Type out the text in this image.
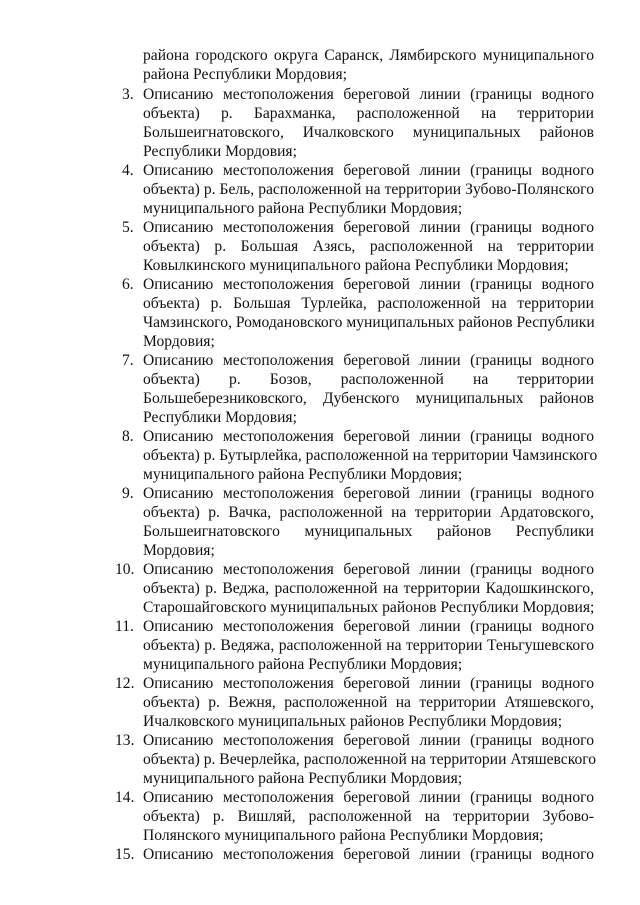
района городского округа Саранск, Лямбирского муниципального
района Республики Мордовия;
3. Описанию местоположения береговой линии (границы водного
объекта) р. Барахманка, расположенной на территории
Большеигнатовского, Ичалковского муниципальных районов
Республики Мордовия;
4. Описанию местоположения береговой линии (границы водного
объекта) р. Бель, расположенной на территории Зубово-Полянского
муниципального района Республики Мордовия;
5. Описанию местоположения береговой линии (границы водного
объекта) р. Большая Азясь, расположенной на территории
Ковылкинского муниципального района Республики Мордовия;
6. Описанию местоположения береговой линии (границы водного
объекта) р. Большая Турлейка, расположенной на территории
Чамзинского, Ромодановского муниципальных районов Республики
Мордовия;
7. Описанию местоположения береговой линии (границы водного
объекта) р. Бозов, расположенной на территории
Большеберезниковского, Дубенского муниципальных районов
Республики Мордовия;
8. Описанию местоположения береговой линии (границы водного
объекта) р. Бутырлейка, расположенной на территории Чамзинского
муниципального района Республики Мордовия;
9. Описанию местоположения береговой линии (границы водного
объекта) р. Вачка, расположенной на территории Ардатовского,
Большеигнатовского муниципальных районов Республики
Мордовия;
10. Описанию местоположения береговой линии (границы водного
объекта) р. Веджа, расположенной на территории Кадошкинского,
Старошайговского муниципальных районов Республики Мордовия;
11. Описанию местоположения береговой линии (границы водного
объекта) р. Ведяжа, расположенной на территории Теньгушевского
муниципального района Республики Мордовия;
12. Описанию местоположения береговой линии (границы водного
объекта) р. Вежня, расположенной на территории Атяшевского,
Ичалковского муниципальных районов Республики Мордовия;
13. Описанию местоположения береговой линии (границы водного
объекта) р. Вечерлейка, расположенной на территории Атяшевского
муниципального района Республики Мордовия;
14. Описанию местоположения береговой линии (границы водного
объекта) р. Вишляй, расположенной на территории Зубово-
Полянского муниципального района Республики Мордовия;
15. Описанию местоположения береговой линии (границы водного
